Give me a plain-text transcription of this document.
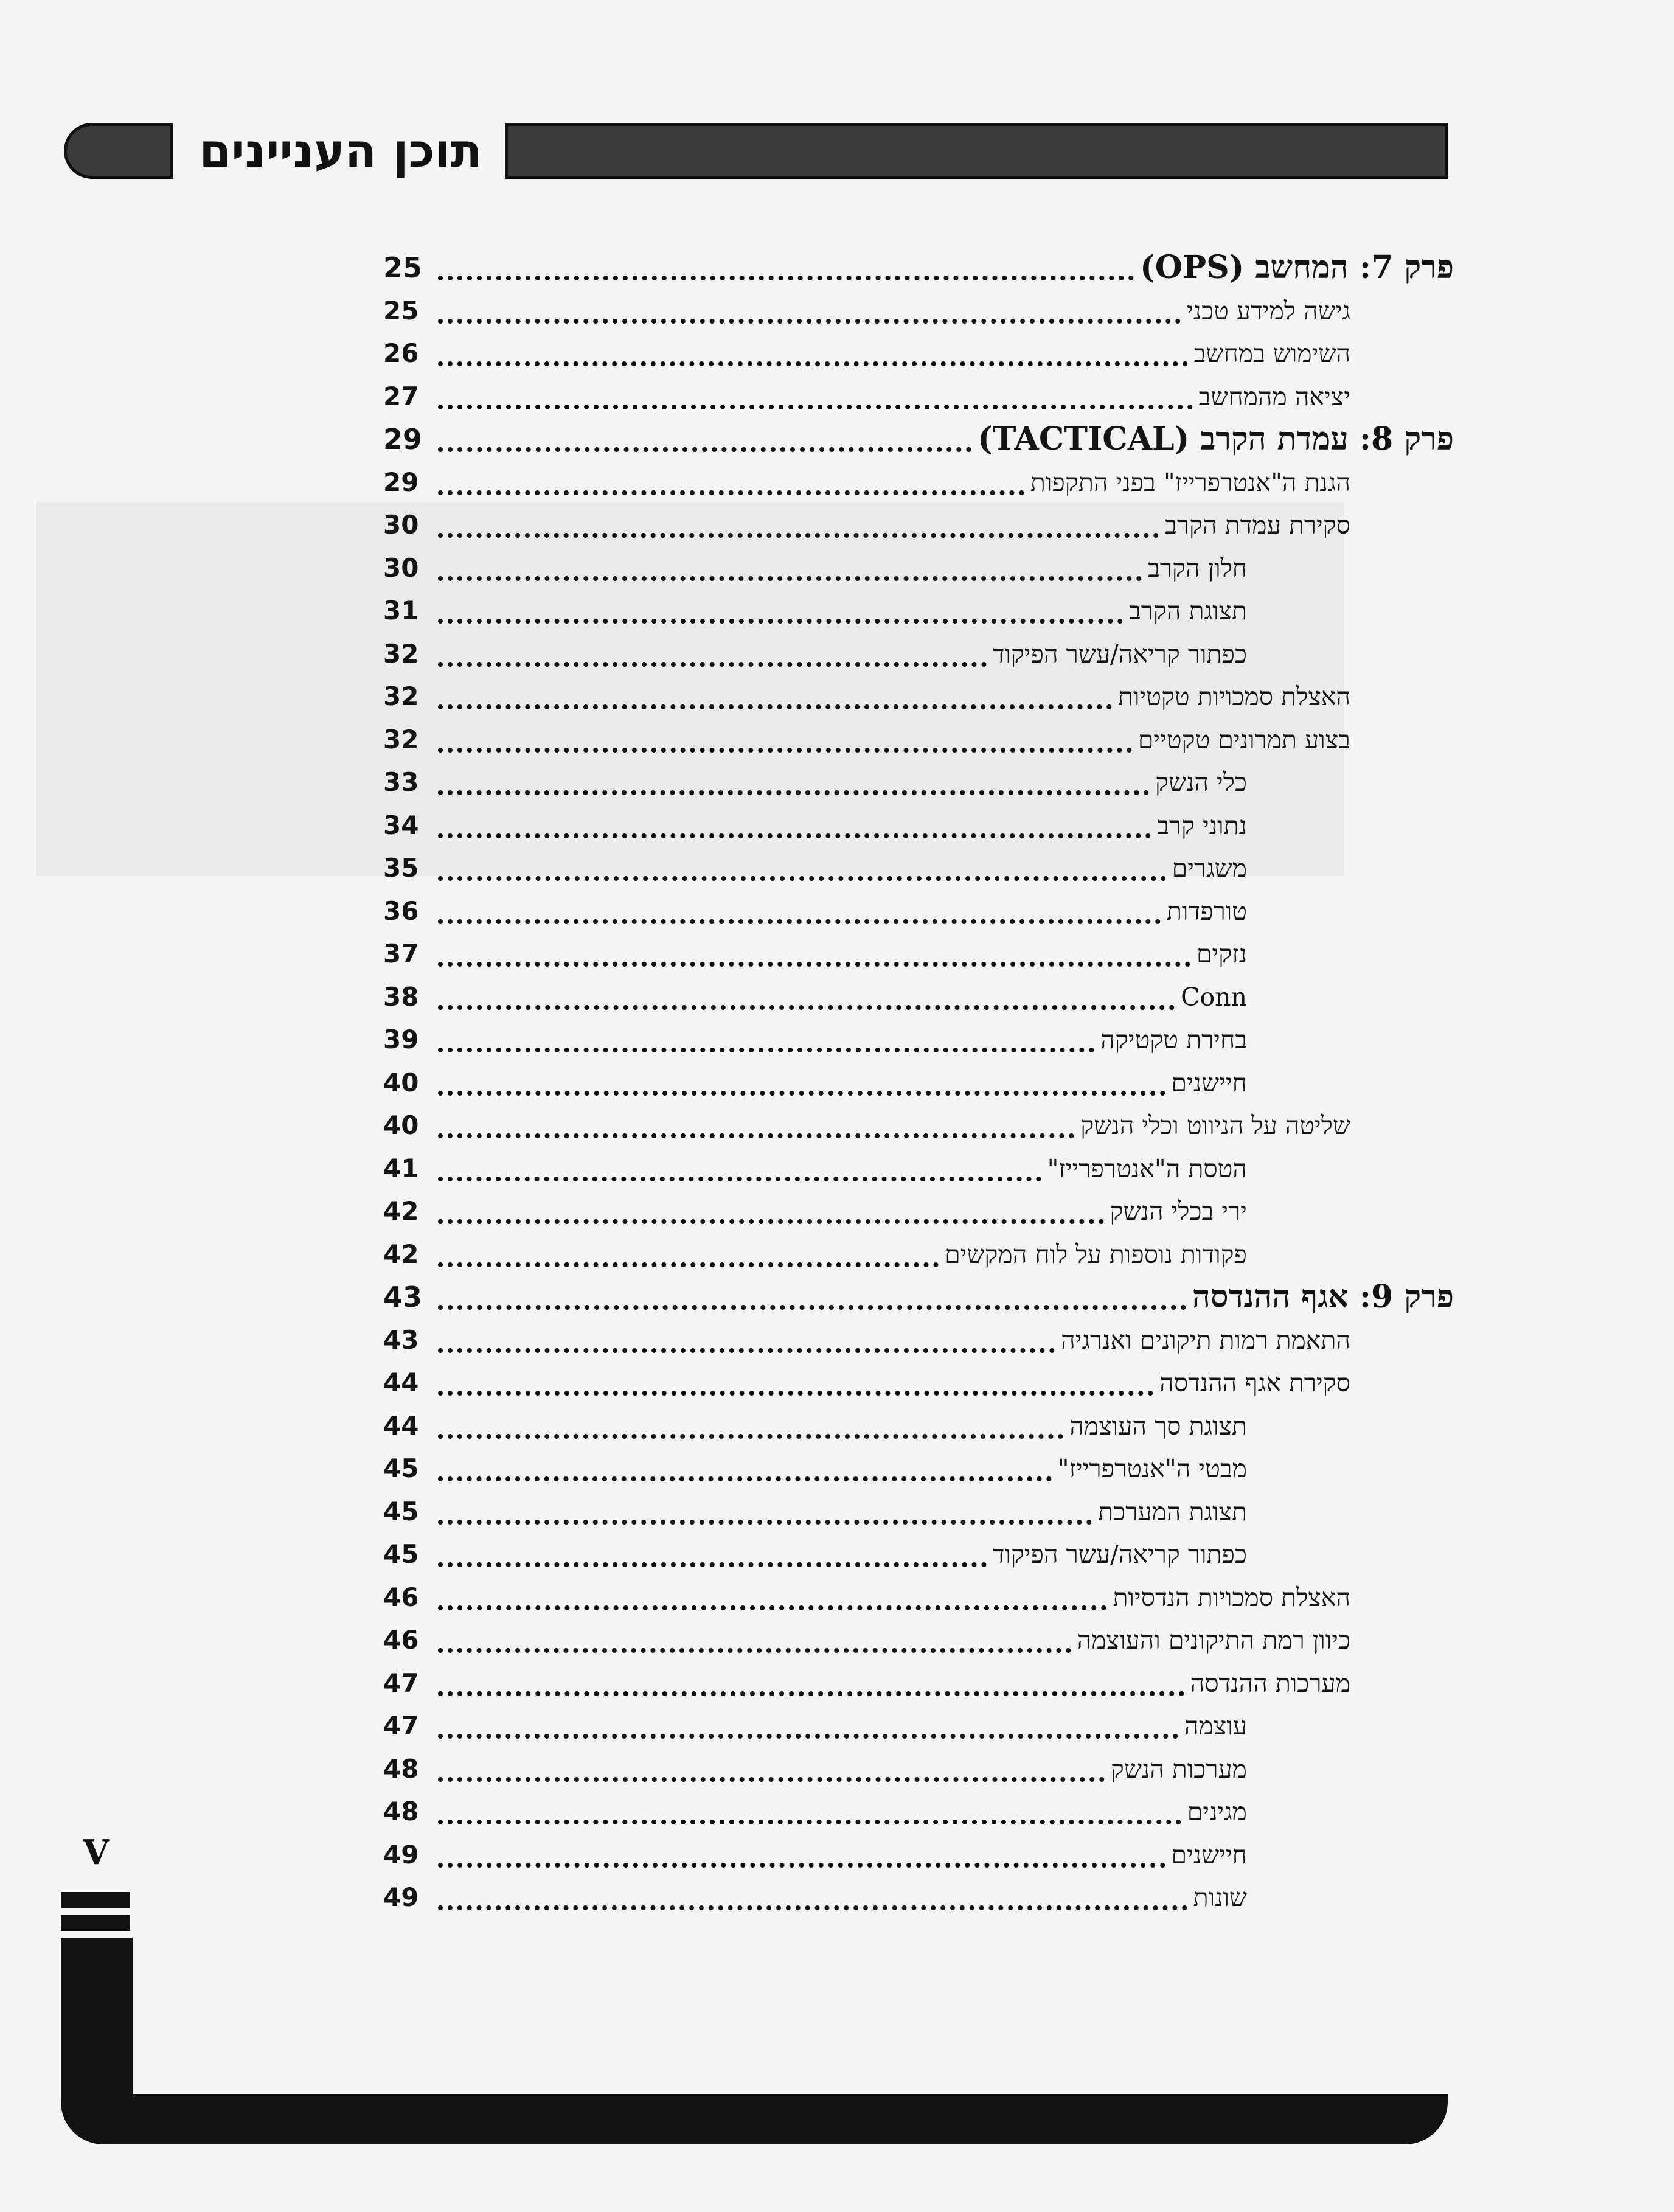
תוכן העניינים
פרק 7: המחשב (OPS)
25
גישה למידע טכני
25
השימוש במחשב
26
יציאה מהמחשב
27
פרק 8: עמדת הקרב (TACTICAL)
29
הגנת ה"אנטרפרייז" בפני התקפות
29
סקירת עמדת הקרב
30
חלון הקרב
30
תצוגת הקרב
31
כפתור קריאה/עשר הפיקוד
32
האצלת סמכויות טקטיות
32
בצוע תמרונים טקטיים
32
כלי הנשק
33
נתוני קרב
34
משגרים
35
טורפדות
36
נזקים
37
Conn
38
בחירת טקטיקה
39
חיישנים
40
שליטה על הניווט וכלי הנשק
40
הטסת ה"אנטרפרייז"
41
ירי בכלי הנשק
42
פקודות נוספות על לוח המקשים
42
פרק 9: אגף ההנדסה
43
התאמת רמות תיקונים ואנרגיה
43
סקירת אגף ההנדסה
44
תצוגת סך העוצמה
44
מבטי ה"אנטרפרייז"
45
תצוגת המערכת
45
כפתור קריאה/עשר הפיקוד
45
האצלת סמכויות הנדסיות
46
כיוון רמת התיקונים והעוצמה
46
מערכות ההנדסה
47
עוצמה
47
מערכות הנשק
48
מגינים
48
חיישנים
49
שונות
49
V
